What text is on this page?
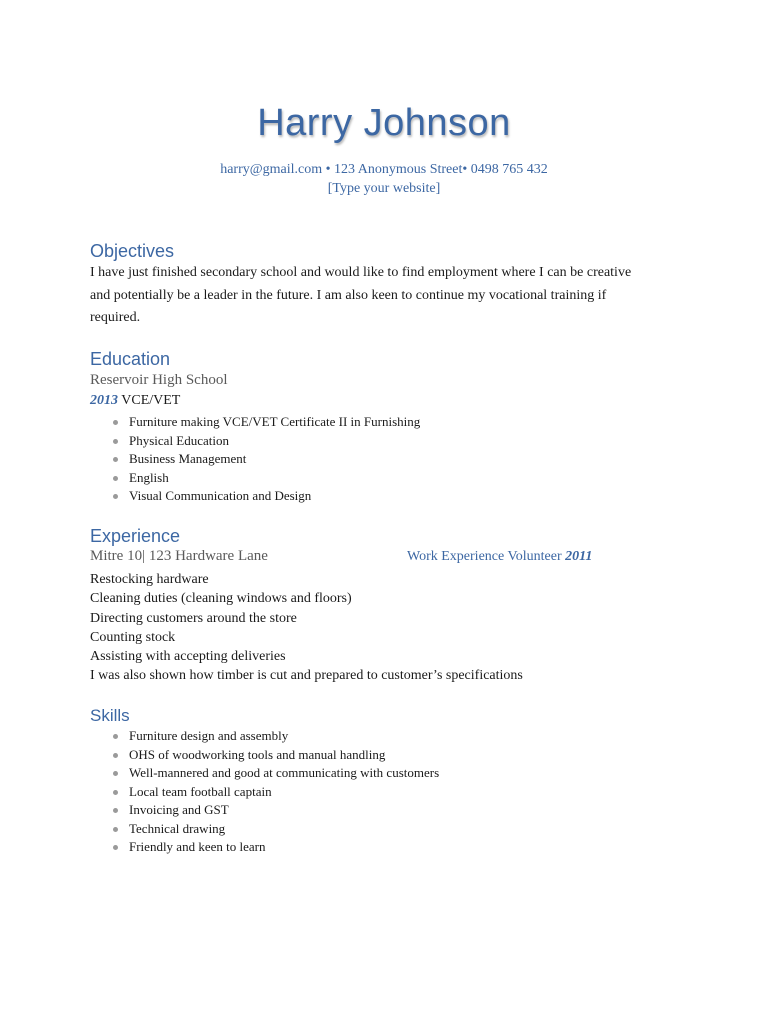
Harry Johnson
harry@gmail.com • 123 Anonymous Street• 0498 765 432
[Type your website]
Objectives
I have just finished secondary school and would like to find employment where I can be creative and potentially be a leader in the future. I am also keen to continue my vocational training if required.
Education
Reservoir High School
2013 VCE/VET
Furniture making VCE/VET Certificate II in Furnishing
Physical Education
Business Management
English
Visual Communication and Design
Experience
Mitre 10| 123 Hardware Lane	Work Experience Volunteer 2011
Restocking hardware
Cleaning duties (cleaning windows and floors)
Directing customers around the store
Counting stock
Assisting with accepting deliveries
I was also shown how timber is cut and prepared to customer’s specifications
Skills
Furniture design and assembly
OHS of woodworking tools and manual handling
Well-mannered and good at communicating with customers
Local team football captain
Invoicing and GST
Technical drawing
Friendly and keen to learn
